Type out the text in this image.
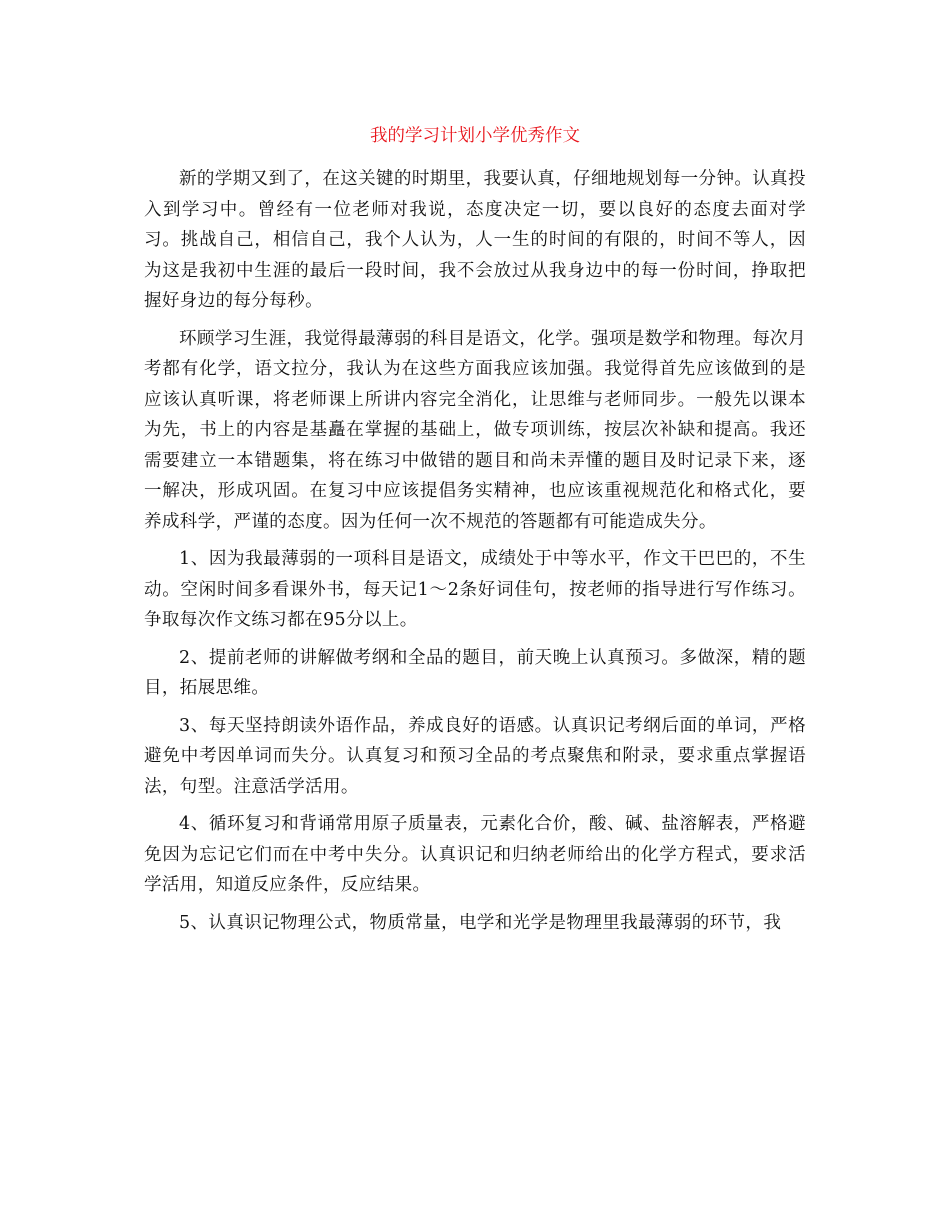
我的学习计划小学优秀作文

新的学期又到了，在这关键的时期里，我要认真，仔细地规划每一分钟。认真投入到学习中。曾经有一位老师对我说，态度决定一切，要以良好的态度去面对学习。挑战自己，相信自己，我个人认为，人一生的时间的有限的，时间不等人，因为这是我初中生涯的最后一段时间，我不会放过从我身边中的每一份时间，挣取把握好身边的每分每秒。

环顾学习生涯，我觉得最薄弱的科目是语文，化学。强项是数学和物理。每次月考都有化学，语文拉分，我认为在这些方面我应该加强。我觉得首先应该做到的是应该认真听课，将老师课上所讲内容完全消化，让思维与老师同步。一般先以课本为先，书上的内容是基矗在掌握的基础上，做专项训练，按层次补缺和提高。我还需要建立一本错题集，将在练习中做错的题目和尚未弄懂的题目及时记录下来，逐一解决，形成巩固。在复习中应该提倡务实精神，也应该重视规范化和格式化，要养成科学，严谨的态度。因为任何一次不规范的答题都有可能造成失分。

1、因为我最薄弱的一项科目是语文，成绩处于中等水平，作文干巴巴的，不生动。空闲时间多看课外书，每天记1～2条好词佳句，按老师的指导进行写作练习。争取每次作文练习都在95分以上。

2、提前老师的讲解做考纲和全品的题目，前天晚上认真预习。多做深，精的题目，拓展思维。

3、每天坚持朗读外语作品，养成良好的语感。认真识记考纲后面的单词，严格避免中考因单词而失分。认真复习和预习全品的考点聚焦和附录，要求重点掌握语法，句型。注意活学活用。

4、循环复习和背诵常用原子质量表，元素化合价，酸、碱、盐溶解表，严格避免因为忘记它们而在中考中失分。认真识记和归纳老师给出的化学方程式，要求活学活用，知道反应条件，反应结果。

5、认真识记物理公式，物质常量，电学和光学是物理里我最薄弱的环节，我
